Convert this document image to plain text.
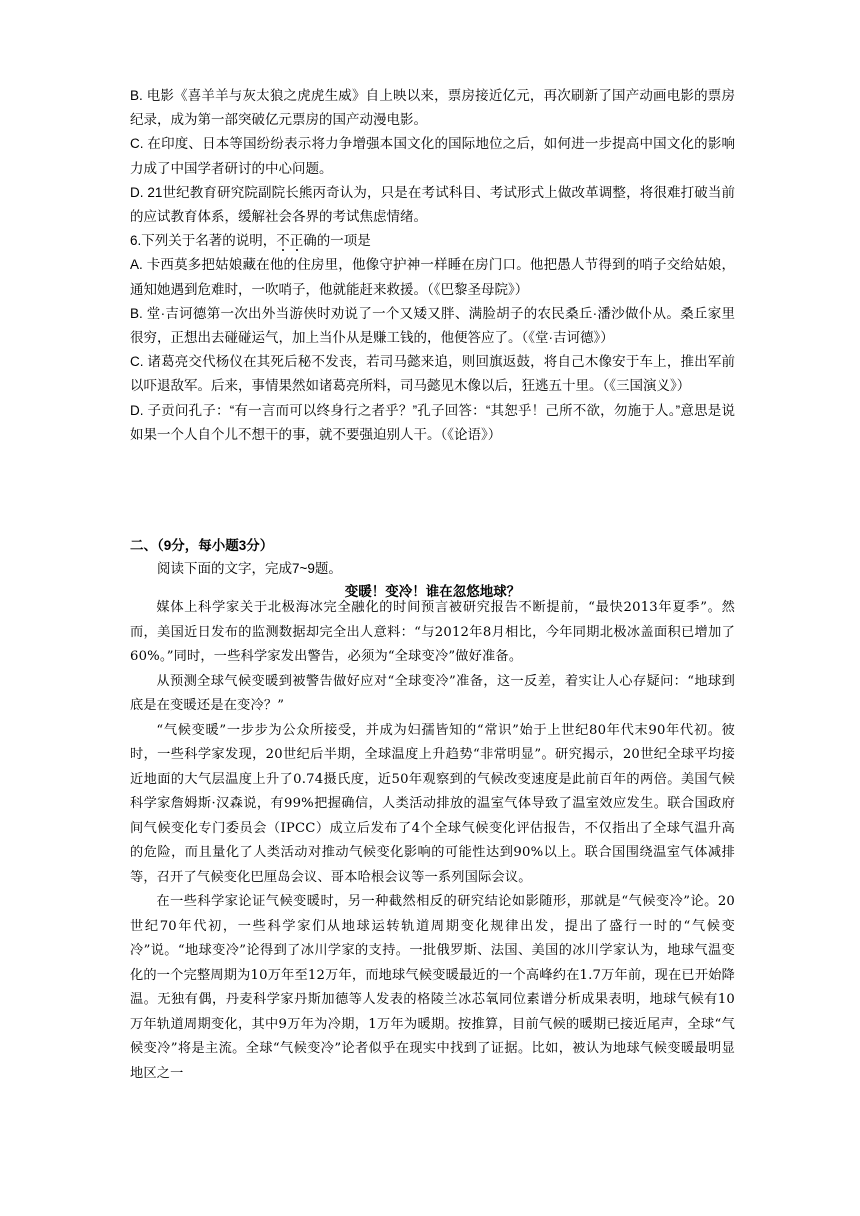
B. 电影《喜羊羊与灰太狼之虎虎生威》自上映以来，票房接近亿元，再次刷新了国产动画电影的票房纪录，成为第一部突破亿元票房的国产动漫电影。

C. 在印度、日本等国纷纷表示将力争增强本国文化的国际地位之后，如何进一步提高中国文化的影响力成了中国学者研讨的中心问题。

D. 21世纪教育研究院副院长熊丙奇认为，只是在考试科目、考试形式上做改革调整，将很难打破当前的应试教育体系，缓解社会各界的考试焦虑情绪。

6.下列关于名著的说明，不正确的一项是

A. 卡西莫多把姑娘藏在他的住房里，他像守护神一样睡在房门口。他把愚人节得到的哨子交给姑娘，通知她遇到危难时，一吹哨子，他就能赶来救援。（《巴黎圣母院》）

B. 堂·吉诃德第一次出外当游侠时劝说了一个又矮又胖、满脸胡子的农民桑丘·潘沙做仆从。桑丘家里很穷，正想出去碰碰运气，加上当仆从是赚工钱的，他便答应了。（《堂·吉诃德》）

C. 诸葛亮交代杨仪在其死后秘不发丧，若司马懿来追，则回旗返鼓，将自己木像安于车上，推出军前以吓退敌军。后来，事情果然如诸葛亮所料，司马懿见木像以后，狂逃五十里。（《三国演义》）

D. 子贡问孔子：“有一言而可以终身行之者乎？”孔子回答：“其恕乎！己所不欲，勿施于人。”意思是说如果一个人自个儿不想干的事，就不要强迫别人干。（《论语》）

二、（9分，每小题3分）
阅读下面的文字，完成7~9题。
变暖！变冷！谁在忽悠地球？

媒体上科学家关于北极海冰完全融化的时间预言被研究报告不断提前，“最快2013年夏季”。然而，美国近日发布的监测数据却完全出人意料：“与2012年8月相比，今年同期北极冰盖面积已增加了60%。”同时，一些科学家发出警告，必须为“全球变冷”做好准备。

从预测全球气候变暖到被警告做好应对“全球变冷”准备，这一反差，着实让人心存疑问：“地球到底是在变暖还是在变冷？”

“气候变暖”一步步为公众所接受，并成为妇孺皆知的“常识”始于上世纪80年代末90年代初。彼时，一些科学家发现，20世纪后半期，全球温度上升趋势“非常明显”。研究揭示，20世纪全球平均接近地面的大气层温度上升了0.74摄氏度，近50年观察到的气候改变速度是此前百年的两倍。美国气候科学家詹姆斯·汉森说，有99%把握确信，人类活动排放的温室气体导致了温室效应发生。联合国政府间气候变化专门委员会（IPCC）成立后发布了4个全球气候变化评估报告，不仅指出了全球气温升高的危险，而且量化了人类活动对推动气候变化影响的可能性达到90%以上。联合国围绕温室气体减排等，召开了气候变化巴厘岛会议、哥本哈根会议等一系列国际会议。

在一些科学家论证气候变暖时，另一种截然相反的研究结论如影随形，那就是“气候变冷”论。20世纪70年代初，一些科学家们从地球运转轨道周期变化规律出发，提出了盛行一时的“气候变冷”说。“地球变冷”论得到了冰川学家的支持。一批俄罗斯、法国、美国的冰川学家认为，地球气温变化的一个完整周期为10万年至12万年，而地球气候变暖最近的一个高峰约在1.7万年前，现在已开始降温。无独有偶，丹麦科学家丹斯加德等人发表的格陵兰冰芯氧同位素谱分析成果表明，地球气候有10万年轨道周期变化，其中9万年为冷期，1万年为暖期。按推算，目前气候的暖期已接近尾声，全球“气候变冷”将是主流。全球“气候变冷”论者似乎在现实中找到了证据。比如，被认为地球气候变暖最明显地区之一
